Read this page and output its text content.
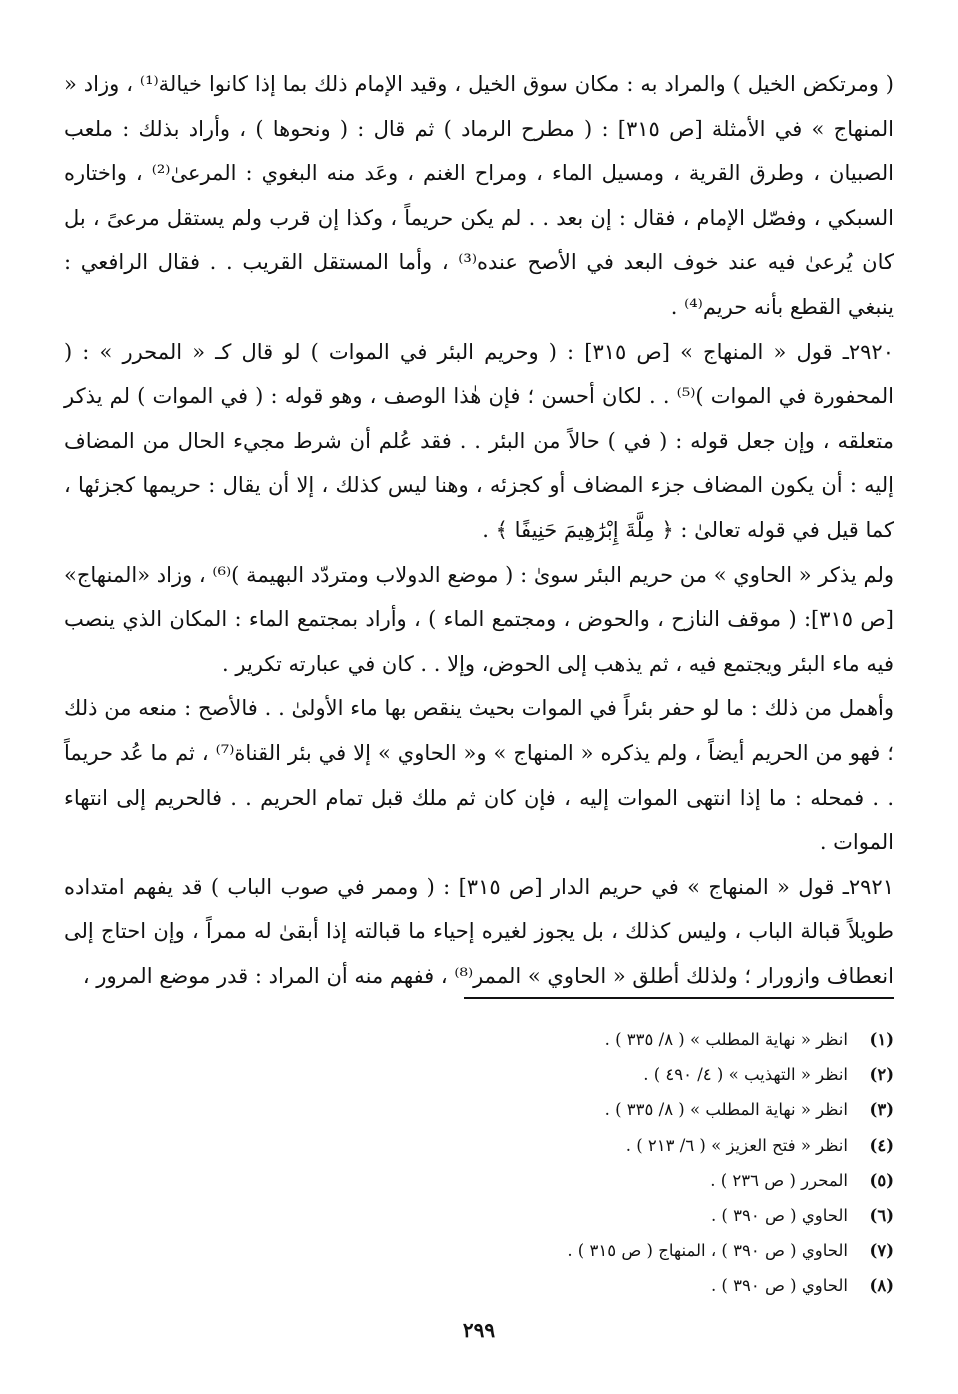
( ومرتكض الخيل ) والمراد به : مكان سوق الخيل ، وقيد الإمام ذلك بما إذا كانوا خيالة⁽¹⁾ ، وزاد « المنهاج » في الأمثلة [ص ٣١٥] : ( مطرح الرماد ) ثم قال : ( ونحوها ) ، وأراد بذلك : ملعب الصبيان ، وطرق القرية ، ومسيل الماء ، ومراح الغنم ، وعَد منه البغوي : المرعىٰ⁽²⁾ ، واختاره السبكي ، وفصّل الإمام ، فقال : إن بعد . . لم يكن حريماً ، وكذا إن قرب ولم يستقل مرعىً ، بل كان يُرعىٰ فيه عند خوف البعد في الأصح عنده⁽³⁾ ، وأما المستقل القريب . . فقال الرافعي : ينبغي القطع بأنه حريم⁽⁴⁾ .

٢٩٢٠ـ قول « المنهاج » [ص ٣١٥] : ( وحريم البئر في الموات ) لو قال كـ « المحرر » : ( المحفورة في الموات )⁽⁵⁾ . . لكان أحسن ؛ فإن هٰذا الوصف ، وهو قوله : ( في الموات ) لم يذكر متعلقه ، وإن جعل قوله : ( في ) حالاً من البئر . . فقد عُلم أن شرط مجيء الحال من المضاف إليه : أن يكون المضاف جزء المضاف أو كجزئه ، وهنا ليس كذلك ، إلا أن يقال : حريمها كجزئها ، كما قيل في قوله تعالىٰ : ﴿ مِلَّةَ إِبْرَٰهِيمَ حَنِيفًا ﴾ .

ولم يذكر « الحاوي » من حريم البئر سوىٰ : ( موضع الدولاب ومتردّد البهيمة )⁽⁶⁾ ، وزاد «المنهاج» [ص ٣١٥]: ( موقف النازح ، والحوض ، ومجتمع الماء ) ، وأراد بمجتمع الماء : المكان الذي ينصب فيه ماء البئر ويجتمع فيه ، ثم يذهب إلى الحوض، وإلا . . كان في عبارته تكرير .

وأهمل من ذلك : ما لو حفر بئراً في الموات بحيث ينقص بها ماء الأولىٰ . . فالأصح : منعه من ذلك ؛ فهو من الحريم أيضاً ، ولم يذكره « المنهاج » و« الحاوي » إلا في بئر القناة⁽⁷⁾ ، ثم ما عُد حريماً . . فمحله : ما إذا انتهى الموات إليه ، فإن كان ثم ملك قبل تمام الحريم . . فالحريم إلى انتهاء الموات .

٢٩٢١ـ قول « المنهاج » في حريم الدار [ص ٣١٥] : ( وممر في صوب الباب ) قد يفهم امتداده طويلاً قبالة الباب ، وليس كذلك ، بل يجوز لغيره إحياء ما قبالته إذا أبقىٰ له ممراً ، وإن احتاج إلى انعطاف وازورار ؛ ولذلك أطلق « الحاوي » الممر⁽⁸⁾ ، ففهم منه أن المراد : قدر موضع المرور ،

(١)انظر « نهاية المطلب » ( ٨/ ٣٣٥ ) .
(٢)انظر « التهذيب » ( ٤/ ٤٩٠ ) .
(٣)انظر « نهاية المطلب » ( ٨/ ٣٣٥ ) .
(٤)انظر « فتح العزيز » ( ٦/ ٢١٣ ) .
(٥)المحرر ( ص ٢٣٦ ) .
(٦)الحاوي ( ص ٣٩٠ ) .
(٧)الحاوي ( ص ٣٩٠ ) ، المنهاج ( ص ٣١٥ ) .
(٨)الحاوي ( ص ٣٩٠ ) .
٢٩٩
